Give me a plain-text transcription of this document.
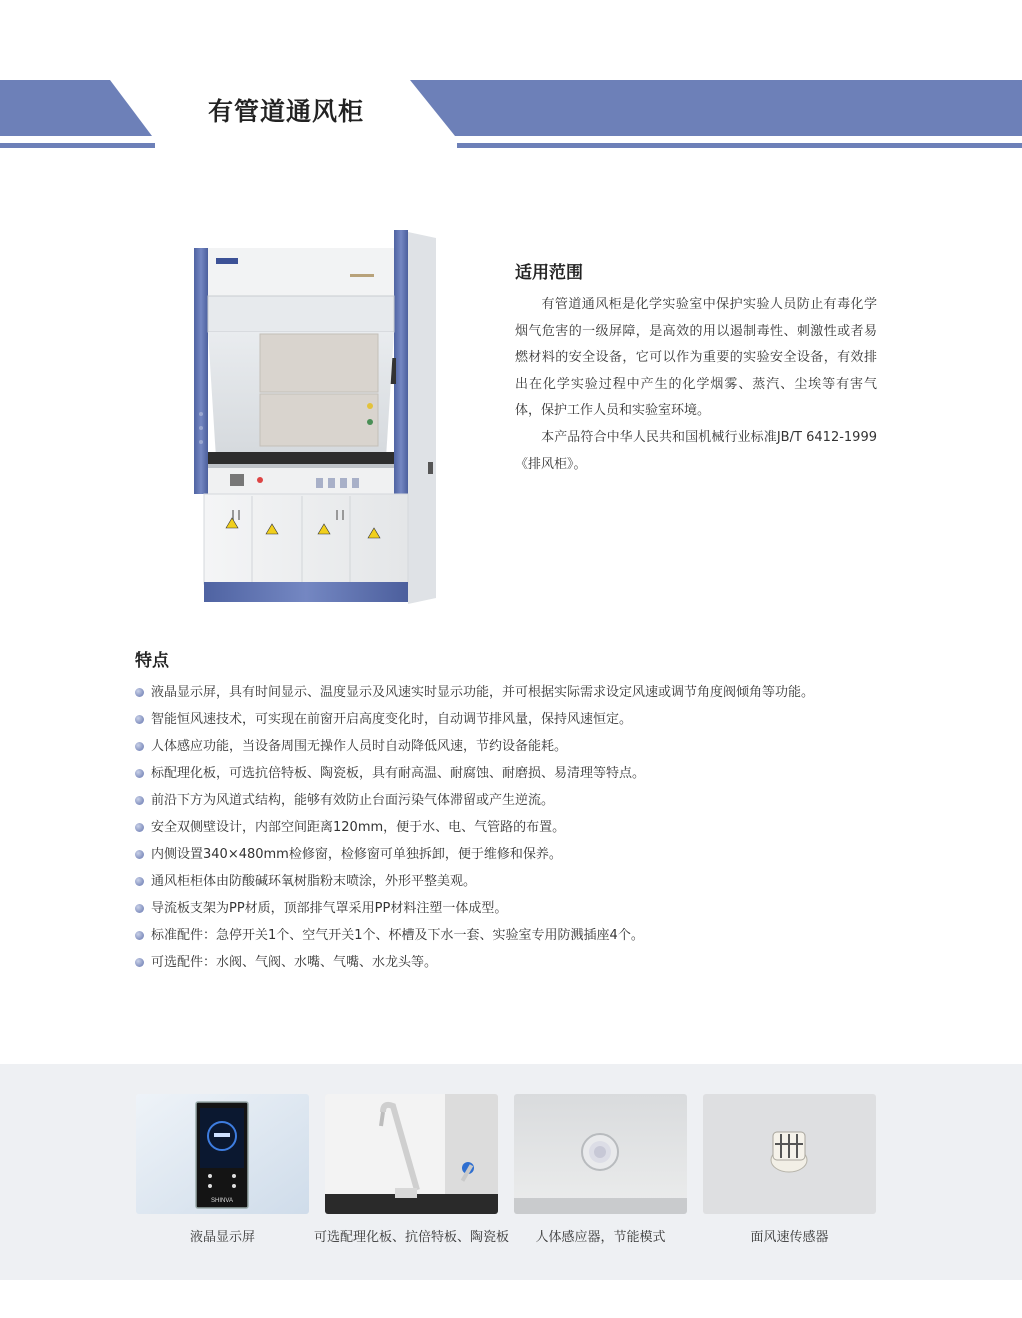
有管道通风柜
适用范围
有管道通风柜是化学实验室中保护实验人员防止有毒化学烟气危害的一级屏障，是高效的用以遏制毒性、刺激性或者易燃材料的安全设备，它可以作为重要的实验安全设备，有效排出在化学实验过程中产生的化学烟雾、蒸汽、尘埃等有害气体，保护工作人员和实验室环境。
本产品符合中华人民共和国机械行业标准JB/T 6412-1999《排风柜》。
特点
液晶显示屏，具有时间显示、温度显示及风速实时显示功能，并可根据实际需求设定风速或调节角度阀倾角等功能。
智能恒风速技术，可实现在前窗开启高度变化时，自动调节排风量，保持风速恒定。
人体感应功能，当设备周围无操作人员时自动降低风速，节约设备能耗。
标配理化板，可选抗倍特板、陶瓷板，具有耐高温、耐腐蚀、耐磨损、易清理等特点。
前沿下方为风道式结构，能够有效防止台面污染气体滞留或产生逆流。
安全双侧壁设计，内部空间距离120mm，便于水、电、气管路的布置。
内侧设置340×480mm检修窗，检修窗可单独拆卸，便于维修和保养。
通风柜柜体由防酸碱环氧树脂粉末喷涂，外形平整美观。
导流板支架为PP材质，顶部排气罩采用PP材料注塑一体成型。
标准配件：急停开关1个、空气开关1个、杯槽及下水一套、实验室专用防溅插座4个。
可选配件：水阀、气阀、水嘴、气嘴、水龙头等。
SHINVA
液晶显示屏	可选配理化板、抗倍特板、陶瓷板	人体感应器，节能模式	面风速传感器
